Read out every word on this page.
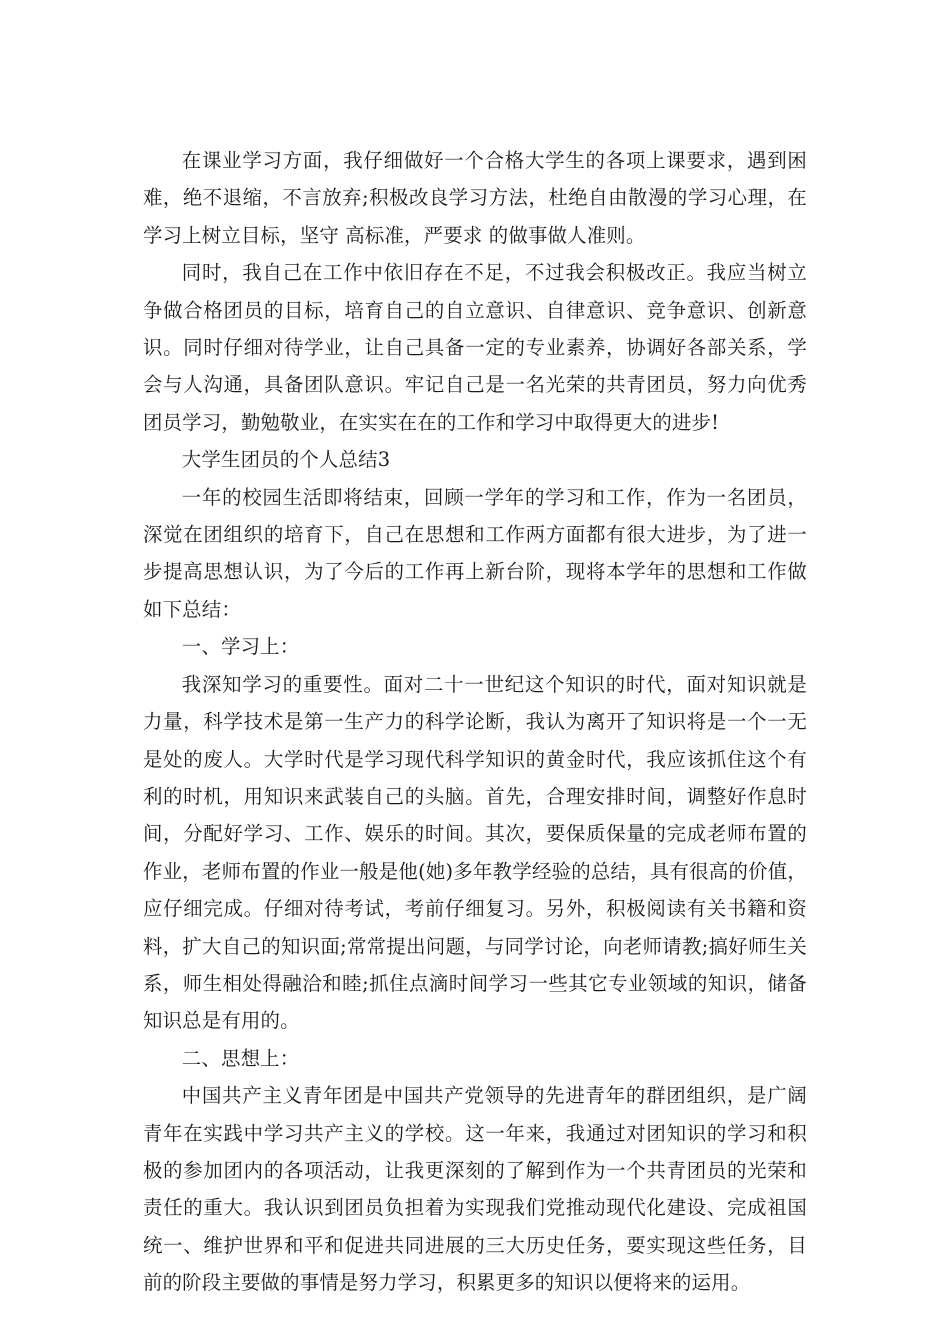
在课业学习方面，我仔细做好一个合格大学生的各项上课要求，遇到困难，绝不退缩，不言放弃;积极改良学习方法，杜绝自由散漫的学习心理，在学习上树立目标，坚守 高标准，严要求 的做事做人准则。

同时，我自己在工作中依旧存在不足，不过我会积极改正。我应当树立争做合格团员的目标，培育自己的自立意识、自律意识、竞争意识、创新意识。同时仔细对待学业，让自己具备一定的专业素养，协调好各部关系，学会与人沟通，具备团队意识。牢记自己是一名光荣的共青团员，努力向优秀团员学习，勤勉敬业，在实实在在的工作和学习中取得更大的进步!

大学生团员的个人总结3

一年的校园生活即将结束，回顾一学年的学习和工作，作为一名团员，深觉在团组织的培育下，自己在思想和工作两方面都有很大进步，为了进一步提高思想认识，为了今后的工作再上新台阶，现将本学年的思想和工作做如下总结：

一、学习上：

我深知学习的重要性。面对二十一世纪这个知识的时代，面对知识就是力量，科学技术是第一生产力的科学论断，我认为离开了知识将是一个一无是处的废人。大学时代是学习现代科学知识的黄金时代，我应该抓住这个有利的时机，用知识来武装自己的头脑。首先，合理安排时间，调整好作息时间，分配好学习、工作、娱乐的时间。其次，要保质保量的完成老师布置的作业，老师布置的作业一般是他(她)多年教学经验的总结，具有很高的价值，应仔细完成。仔细对待考试，考前仔细复习。另外，积极阅读有关书籍和资料，扩大自己的知识面;常常提出问题，与同学讨论，向老师请教;搞好师生关系，师生相处得融洽和睦;抓住点滴时间学习一些其它专业领域的知识，储备知识总是有用的。

二、思想上：

中国共产主义青年团是中国共产党领导的先进青年的群团组织，是广阔青年在实践中学习共产主义的学校。这一年来，我通过对团知识的学习和积极的参加团内的各项活动，让我更深刻的了解到作为一个共青团员的光荣和责任的重大。我认识到团员负担着为实现我们党推动现代化建设、完成祖国统一、维护世界和平和促进共同进展的三大历史任务，要实现这些任务，目前的阶段主要做的事情是努力学习，积累更多的知识以便将来的运用。
